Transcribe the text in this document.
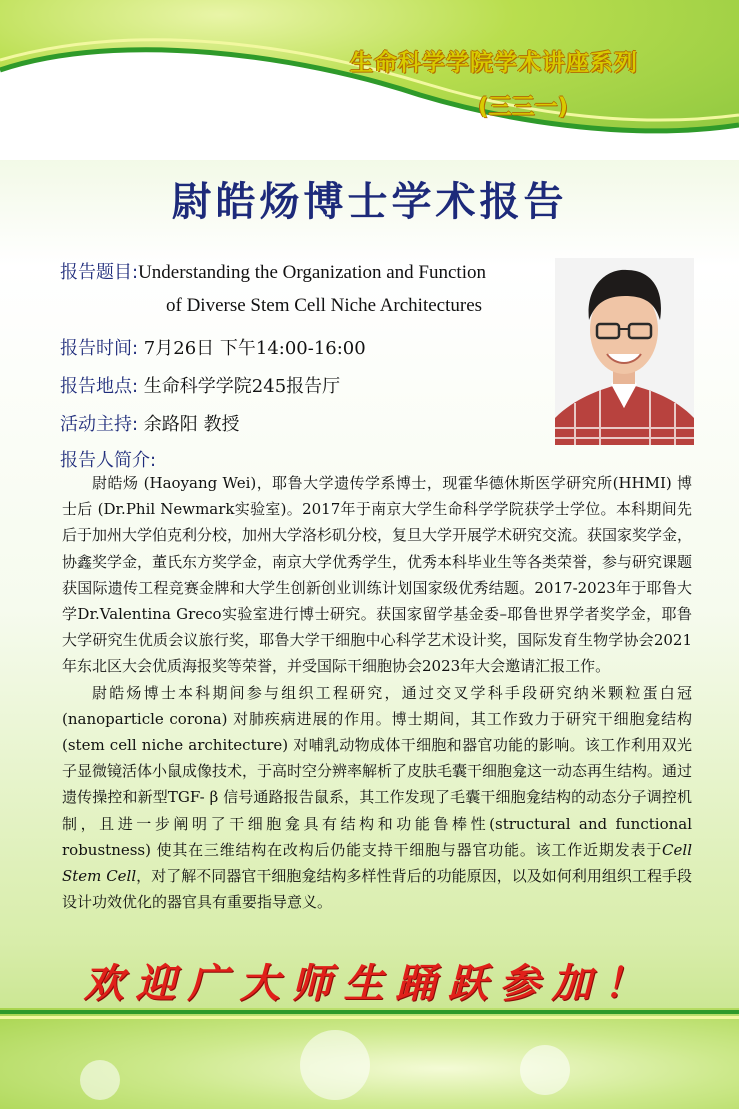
生命科学学院学术讲座系列
(三三一)
尉皓炀博士学术报告
报告题目:Understanding the Organization and Function
of Diverse Stem Cell Niche Architectures
报告时间: 7月26日 下午14:00-16:00
报告地点: 生命科学学院245报告厅
活动主持: 余路阳 教授
报告人简介:

尉皓炀 (Haoyang Wei)，耶鲁大学遗传学系博士，现霍华德休斯医学研究所(HHMI) 博士后 (Dr.Phil Newmark实验室)。2017年于南京大学生命科学学院获学士学位。本科期间先后于加州大学伯克利分校，加州大学洛杉矶分校，复旦大学开展学术研究交流。获国家奖学金，协鑫奖学金，董氏东方奖学金，南京大学优秀学生，优秀本科毕业生等各类荣誉，参与研究课题获国际遗传工程竞赛金牌和大学生创新创业训练计划国家级优秀结题。2017-2023年于耶鲁大学Dr.Valentina Greco实验室进行博士研究。获国家留学基金委–耶鲁世界学者奖学金，耶鲁大学研究生优质会议旅行奖，耶鲁大学干细胞中心科学艺术设计奖，国际发育生物学协会2021年东北区大会优质海报奖等荣誉，并受国际干细胞协会2023年大会邀请汇报工作。

尉皓炀博士本科期间参与组织工程研究，通过交叉学科手段研究纳米颗粒蛋白冠(nanoparticle corona) 对肺疾病进展的作用。博士期间，其工作致力于研究干细胞龛结构(stem cell niche architecture) 对哺乳动物成体干细胞和器官功能的影响。该工作利用双光子显微镜活体小鼠成像技术，于高时空分辨率解析了皮肤毛囊干细胞龛这一动态再生结构。通过遗传操控和新型TGF- β 信号通路报告鼠系，其工作发现了毛囊干细胞龛结构的动态分子调控机制，且进一步阐明了干细胞龛具有结构和功能鲁棒性(structural and functional robustness) 使其在三维结构在改构后仍能支持干细胞与器官功能。该工作近期发表于Cell Stem Cell，对了解不同器官干细胞龛结构多样性背后的功能原因，以及如何利用组织工程手段设计功效优化的器官具有重要指导意义。

欢迎广大师生踊跃参加！
